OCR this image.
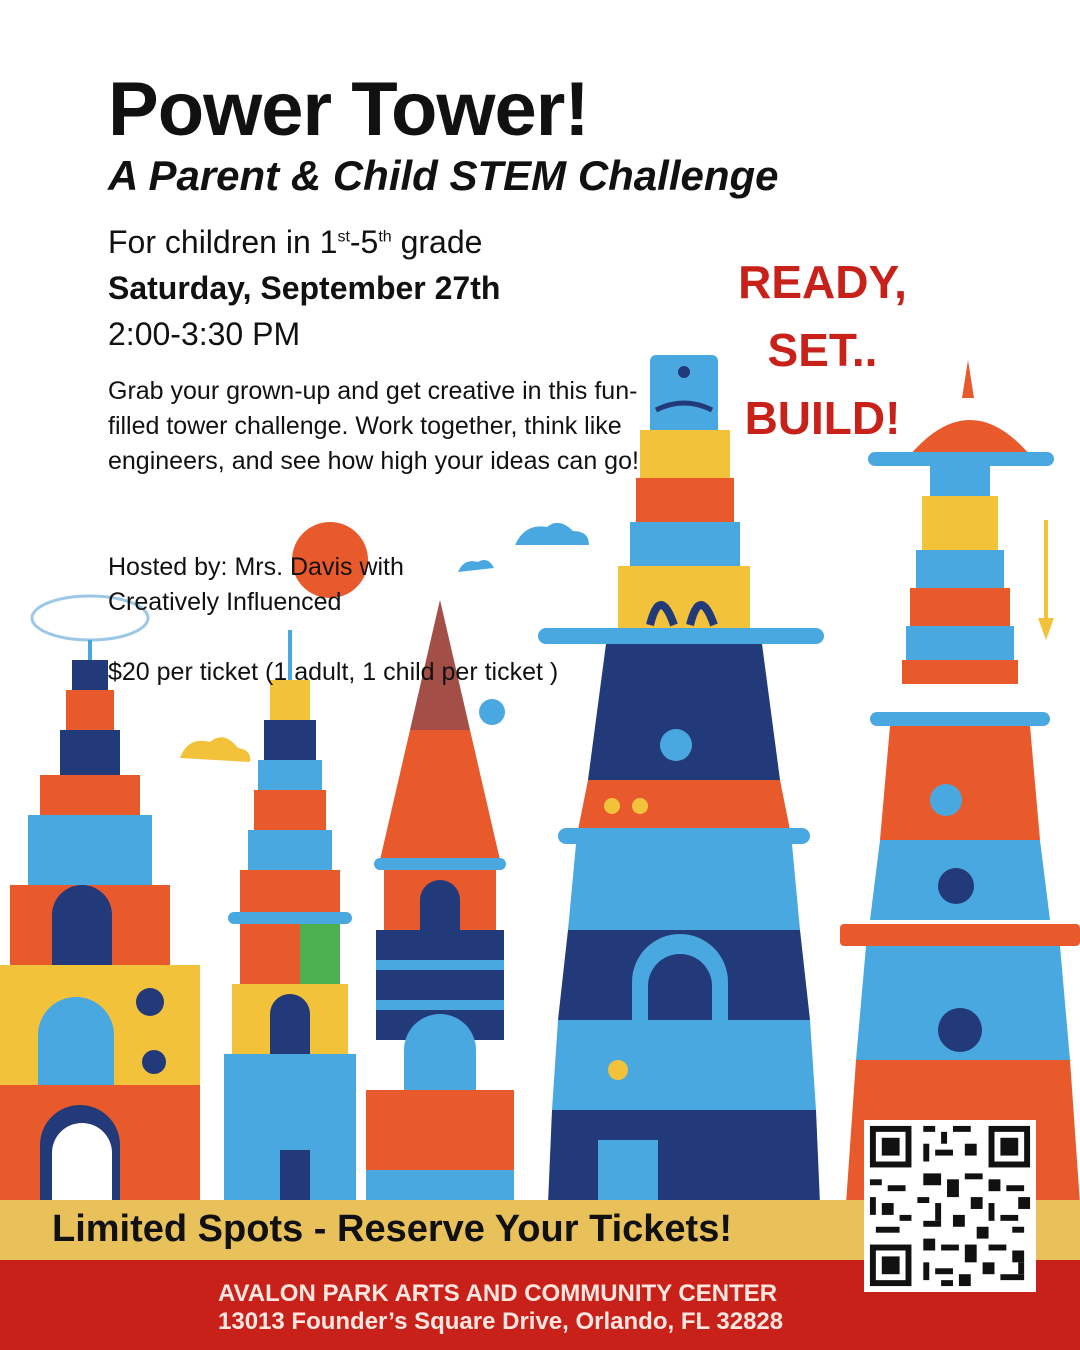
Power Tower!
A Parent & Child STEM Challenge
For children in 1st-5th grade
Saturday, September 27th
2:00-3:30 PM
Grab your grown-up and get creative in this fun-filled tower challenge. Work together, think like engineers, and see how high your ideas can go!
Hosted by: Mrs. Davis with
Creatively Influenced
$20 per ticket (1 adult, 1 child per ticket )
READY,
SET..
BUILD!
Limited Spots - Reserve Your Tickets!
AVALON PARK ARTS AND COMMUNITY CENTER
13013 Founder’s Square Drive, Orlando, FL 32828
